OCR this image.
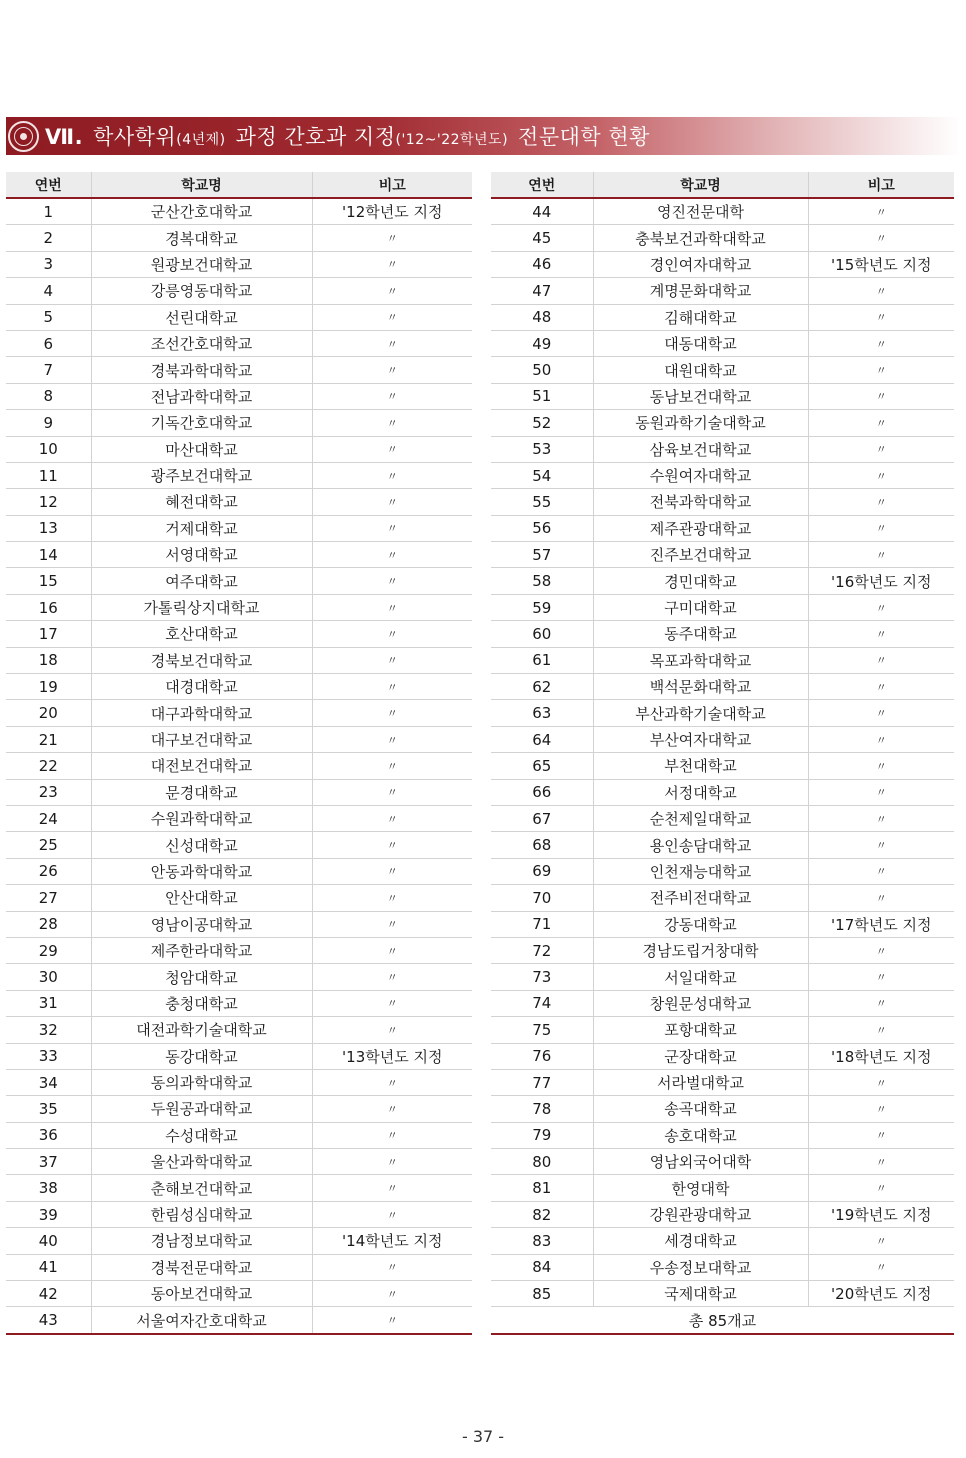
Ⅶ. 학사학위(4년제) 과정 간호과 지정('12~'22학년도) 전문대학 현황
연번	학교명	비고
1	군산간호대학교	'12학년도 지정
2	경복대학교	〃
3	원광보건대학교	〃
4	강릉영동대학교	〃
5	선린대학교	〃
6	조선간호대학교	〃
7	경북과학대학교	〃
8	전남과학대학교	〃
9	기독간호대학교	〃
10	마산대학교	〃
11	광주보건대학교	〃
12	혜전대학교	〃
13	거제대학교	〃
14	서영대학교	〃
15	여주대학교	〃
16	가톨릭상지대학교	〃
17	호산대학교	〃
18	경북보건대학교	〃
19	대경대학교	〃
20	대구과학대학교	〃
21	대구보건대학교	〃
22	대전보건대학교	〃
23	문경대학교	〃
24	수원과학대학교	〃
25	신성대학교	〃
26	안동과학대학교	〃
27	안산대학교	〃
28	영남이공대학교	〃
29	제주한라대학교	〃
30	청암대학교	〃
31	충청대학교	〃
32	대전과학기술대학교	〃
33	동강대학교	'13학년도 지정
34	동의과학대학교	〃
35	두원공과대학교	〃
36	수성대학교	〃
37	울산과학대학교	〃
38	춘해보건대학교	〃
39	한림성심대학교	〃
40	경남정보대학교	'14학년도 지정
41	경북전문대학교	〃
42	동아보건대학교	〃
43	서울여자간호대학교	〃
연번	학교명	비고
44	영진전문대학	〃
45	충북보건과학대학교	〃
46	경인여자대학교	'15학년도 지정
47	계명문화대학교	〃
48	김해대학교	〃
49	대동대학교	〃
50	대원대학교	〃
51	동남보건대학교	〃
52	동원과학기술대학교	〃
53	삼육보건대학교	〃
54	수원여자대학교	〃
55	전북과학대학교	〃
56	제주관광대학교	〃
57	진주보건대학교	〃
58	경민대학교	'16학년도 지정
59	구미대학교	〃
60	동주대학교	〃
61	목포과학대학교	〃
62	백석문화대학교	〃
63	부산과학기술대학교	〃
64	부산여자대학교	〃
65	부천대학교	〃
66	서정대학교	〃
67	순천제일대학교	〃
68	용인송담대학교	〃
69	인천재능대학교	〃
70	전주비전대학교	〃
71	강동대학교	'17학년도 지정
72	경남도립거창대학	〃
73	서일대학교	〃
74	창원문성대학교	〃
75	포항대학교	〃
76	군장대학교	'18학년도 지정
77	서라벌대학교	〃
78	송곡대학교	〃
79	송호대학교	〃
80	영남외국어대학	〃
81	한영대학	〃
82	강원관광대학교	'19학년도 지정
83	세경대학교	〃
84	우송정보대학교	〃
85	국제대학교	'20학년도 지정
총 85개교		
- 37 -
